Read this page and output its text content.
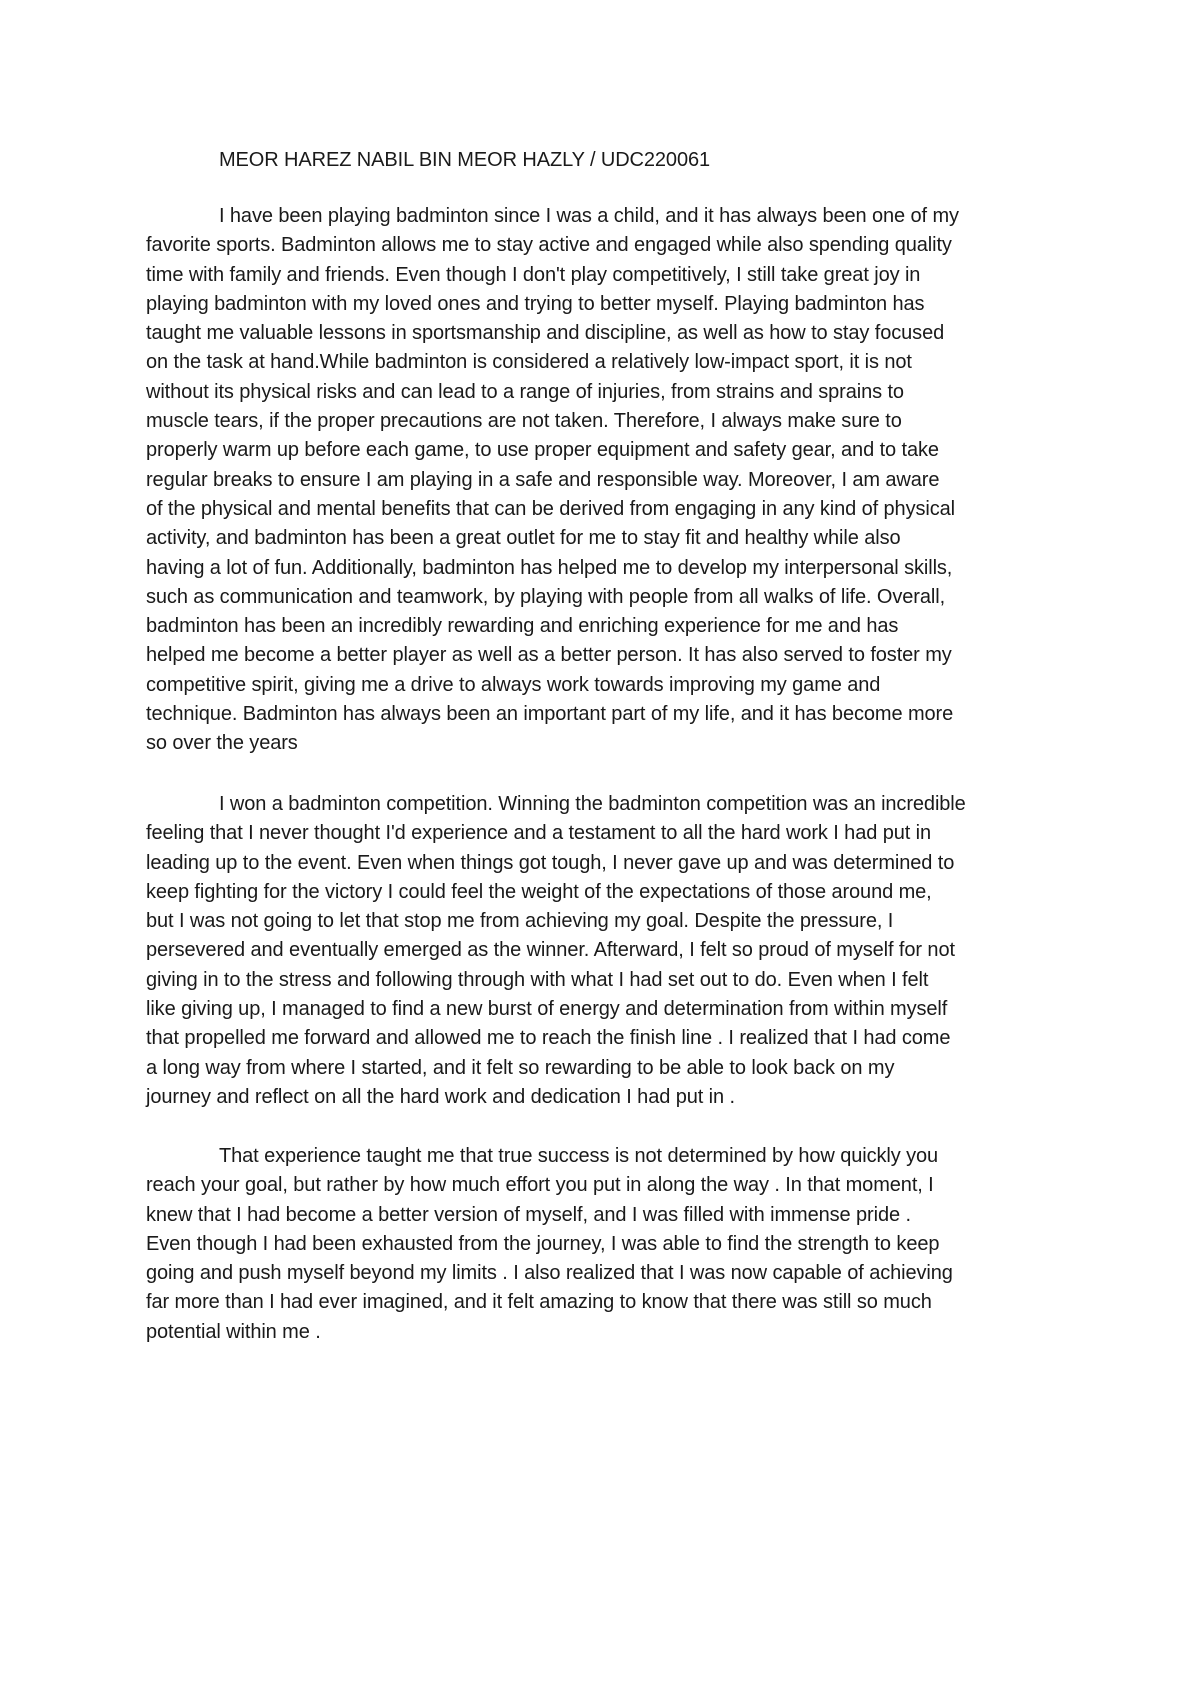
MEOR HAREZ NABIL BIN MEOR HAZLY / UDC220061

I have been playing badminton since I was a child, and it has always been one of my
favorite sports. Badminton allows me to stay active and engaged while also spending quality
time with family and friends. Even though I don't play competitively, I still take great joy in
playing badminton with my loved ones and trying to better myself. Playing badminton has
taught me valuable lessons in sportsmanship and discipline, as well as how to stay focused
on the task at hand.While badminton is considered a relatively low-impact sport, it is not
without its physical risks and can lead to a range of injuries, from strains and sprains to
muscle tears, if the proper precautions are not taken. Therefore, I always make sure to
properly warm up before each game, to use proper equipment and safety gear, and to take
regular breaks to ensure I am playing in a safe and responsible way. Moreover, I am aware
of the physical and mental benefits that can be derived from engaging in any kind of physical
activity, and badminton has been a great outlet for me to stay fit and healthy while also
having a lot of fun. Additionally, badminton has helped me to develop my interpersonal skills,
such as communication and teamwork, by playing with people from all walks of life. Overall,
badminton has been an incredibly rewarding and enriching experience for me and has
helped me become a better player as well as a better person. It has also served to foster my
competitive spirit, giving me a drive to always work towards improving my game and
technique. Badminton has always been an important part of my life, and it has become more
so over the years

I won a badminton competition. Winning the badminton competition was an incredible
feeling that I never thought I'd experience and a testament to all the hard work I had put in
leading up to the event. Even when things got tough, I never gave up and was determined to
keep fighting for the victory I could feel the weight of the expectations of those around me,
but I was not going to let that stop me from achieving my goal. Despite the pressure, I
persevered and eventually emerged as the winner. Afterward, I felt so proud of myself for not
giving in to the stress and following through with what I had set out to do. Even when I felt
like giving up, I managed to find a new burst of energy and determination from within myself
that propelled me forward and allowed me to reach the finish line . I realized that I had come
a long way from where I started, and it felt so rewarding to be able to look back on my
journey and reflect on all the hard work and dedication I had put in .

That experience taught me that true success is not determined by how quickly you
reach your goal, but rather by how much effort you put in along the way . In that moment, I
knew that I had become a better version of myself, and I was filled with immense pride .
Even though I had been exhausted from the journey, I was able to find the strength to keep
going and push myself beyond my limits . I also realized that I was now capable of achieving
far more than I had ever imagined, and it felt amazing to know that there was still so much
potential within me .
